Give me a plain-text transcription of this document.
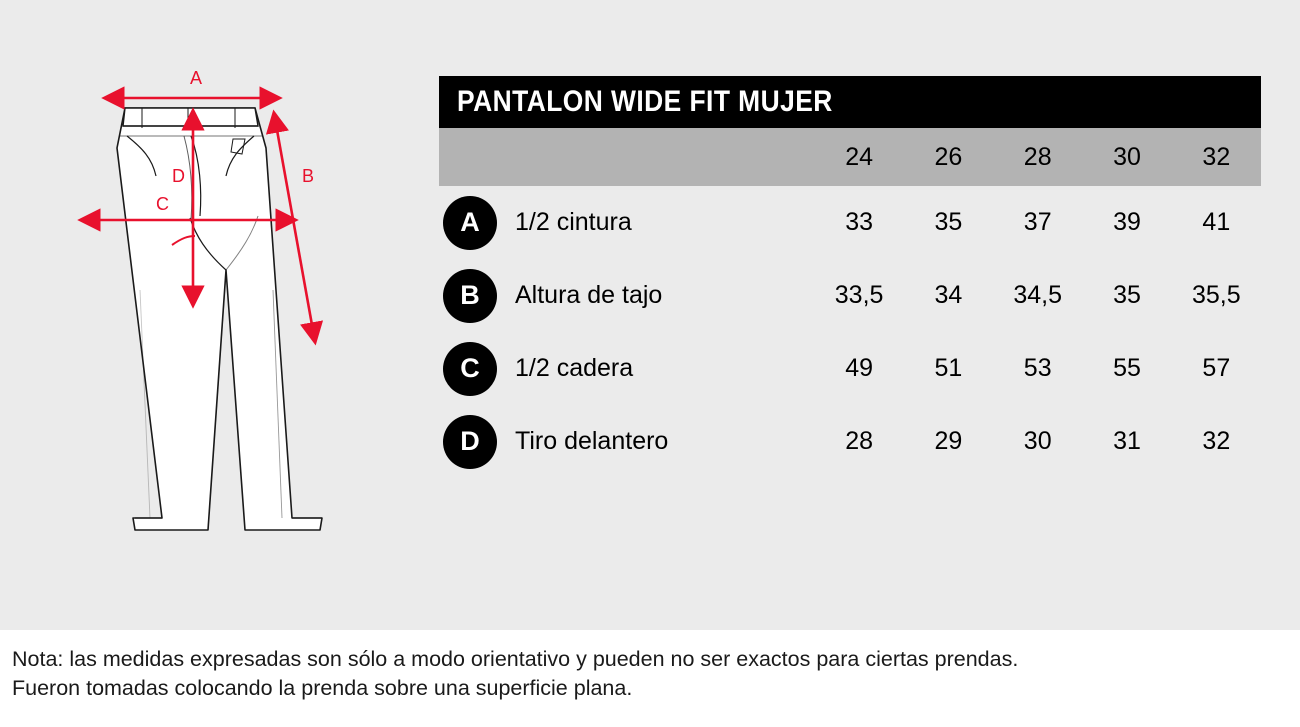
A
B
C
D
PANTALON WIDE FIT MUJER
	24	26	28	30	32

A 1/2 cintura	33	35	37	39	41

B Altura de tajo	33,5	34	34,5	35	35,5

C 1/2 cadera	49	51	53	55	57

D Tiro delantero	28	29	30	31	32
Nota: las medidas expresadas son sólo a modo orientativo y pueden no ser exactos para ciertas prendas.
Fueron tomadas colocando la prenda sobre una superficie plana.
